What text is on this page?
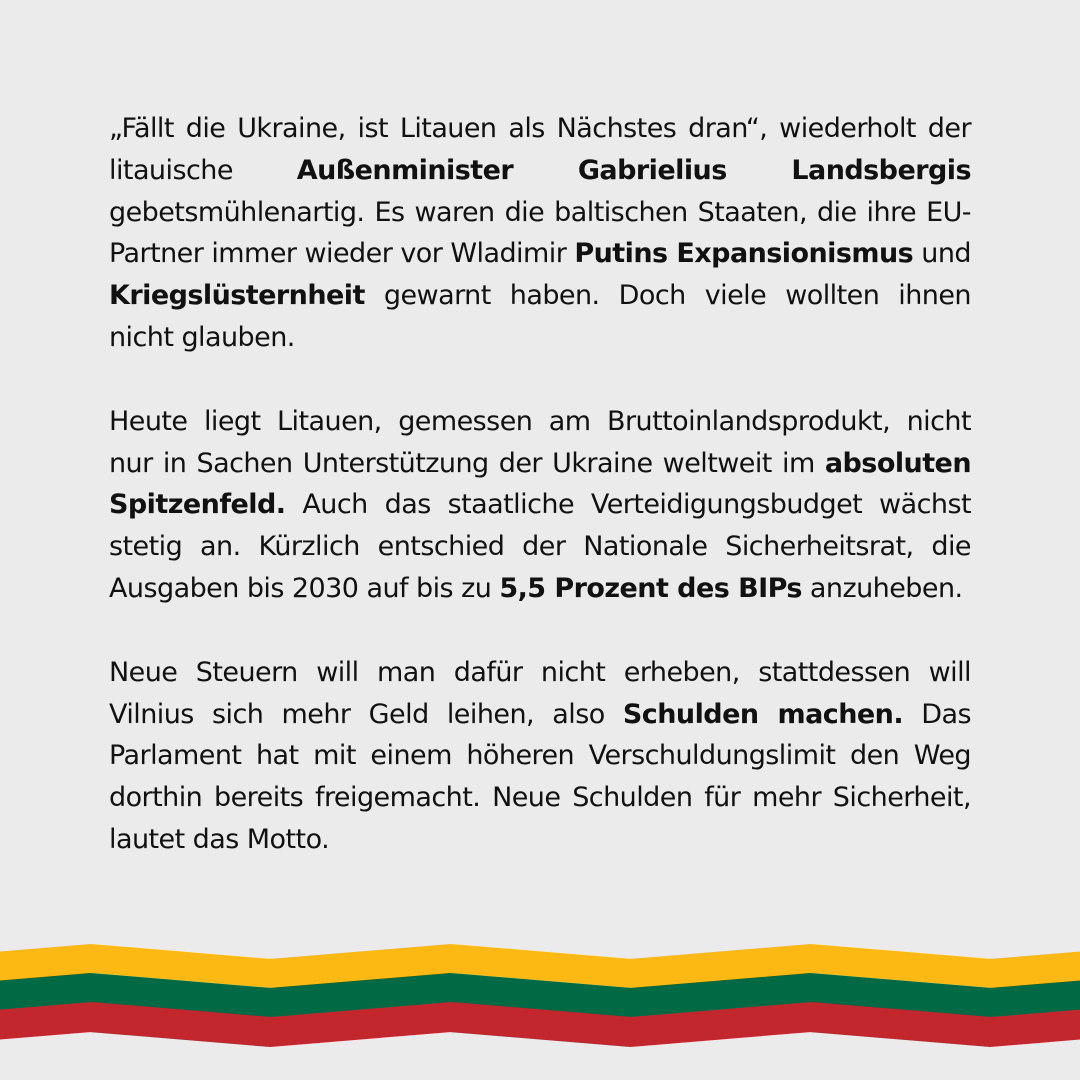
„Fällt die Ukraine, ist Litauen als Nächstes dran“, wiederholt der litauische Außenminister Gabrielius Landsbergis gebetsmühlenartig. Es waren die baltischen Staaten, die ihre EU-Partner immer wieder vor Wladimir Putins Expansionismus und Kriegslüsternheit gewarnt haben. Doch viele wollten ihnen nicht glauben.

Heute liegt Litauen, gemessen am Bruttoinlandsprodukt, nicht nur in Sachen Unterstützung der Ukraine weltweit im absoluten Spitzenfeld. Auch das staatliche Verteidigungsbudget wächst stetig an. Kürzlich entschied der Nationale Sicherheitsrat, die Ausgaben bis 2030 auf bis zu 5,5 Prozent des BIPs anzuheben.

Neue Steuern will man dafür nicht erheben, stattdessen will Vilnius sich mehr Geld leihen, also Schulden machen. Das Parlament hat mit einem höheren Verschuldungslimit den Weg dorthin bereits freigemacht. Neue Schulden für mehr Sicherheit, lautet das Motto.
